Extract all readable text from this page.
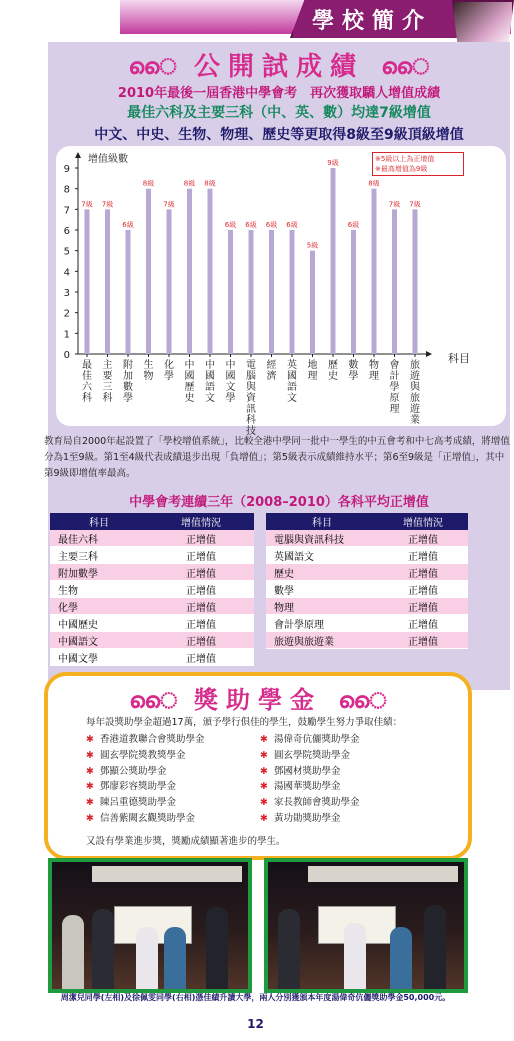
學校簡介
ൈ 公開試成績 ൈ
2010年最後一屆香港中學會考　再次獲取驕人增值成績
最佳六科及主要三科（中、英、數）均達7級增值
中文、中史、生物、物理、歷史等更取得8級至9級頂級增值
0
1
2
3
4
5
6
7
8
9
增值級數
科目
7級
最佳六科
7級
主要三科
6級
附加數學
8級
生物
7級
化學
8級
中國歷史
8級
中國語文
6級
中國文學
6級
電腦與資訊科技
6級
經濟
6級
英國語文
5級
地理
9級
歷史
6級
數學
8級
物理
7級
會計學原理
7級
旅遊與旅遊業
※5級以上為正增值
※最高增值為9級
教育局自2000年起設置了「學校增值系統」，比較全港中學同一批中一學生的中五會考和中七高考成績，將增值分為1至9級。第1至4級代表成績退步出現「負增值」；第5級表示成績維持水平；第6至9級是「正增值」，其中第9級即增值率最高。
中學會考連續三年（2008–2010）各科平均正增值
科目	增值情況
最佳六科	正增值
主要三科	正增值
附加數學	正增值
生物	正增值
化學	正增值
中國歷史	正增值
中國語文	正增值
中國文學	正增值
科目	增值情況
電腦與資訊科技	正增值
英國語文	正增值
歷史	正增值
數學	正增值
物理	正增值
會計學原理	正增值
旅遊與旅遊業	正增值
ൈ 獎助學金 ൈ
每年設獎助學金超過17萬，頒予學行俱佳的學生，鼓勵學生努力爭取佳績：
✱ 香港道教聯合會獎助學金
✱ 圓玄學院獎教獎學金
✱ 鄧顯公獎助學金
✱ 鄧廖彩容獎助學金
✱ 陳呂重德獎助學金
✱ 信善紫闕玄觀獎助學金
✱ 湯偉奇伉儷獎助學金
✱ 圓玄學院獎助學金
✱ 鄧國材獎助學金
✱ 湯國華獎助學金
✱ 家長教師會獎助學金
✱ 黃功勛獎助學金
又設有學業進步獎，獎勵成績顯著進步的學生。
周潔兒同學(左相)及徐佩雯同學(右相)憑佳績升讀大學，兩人分別獲頒本年度湯偉奇伉儷獎助學金50,000元。
12
